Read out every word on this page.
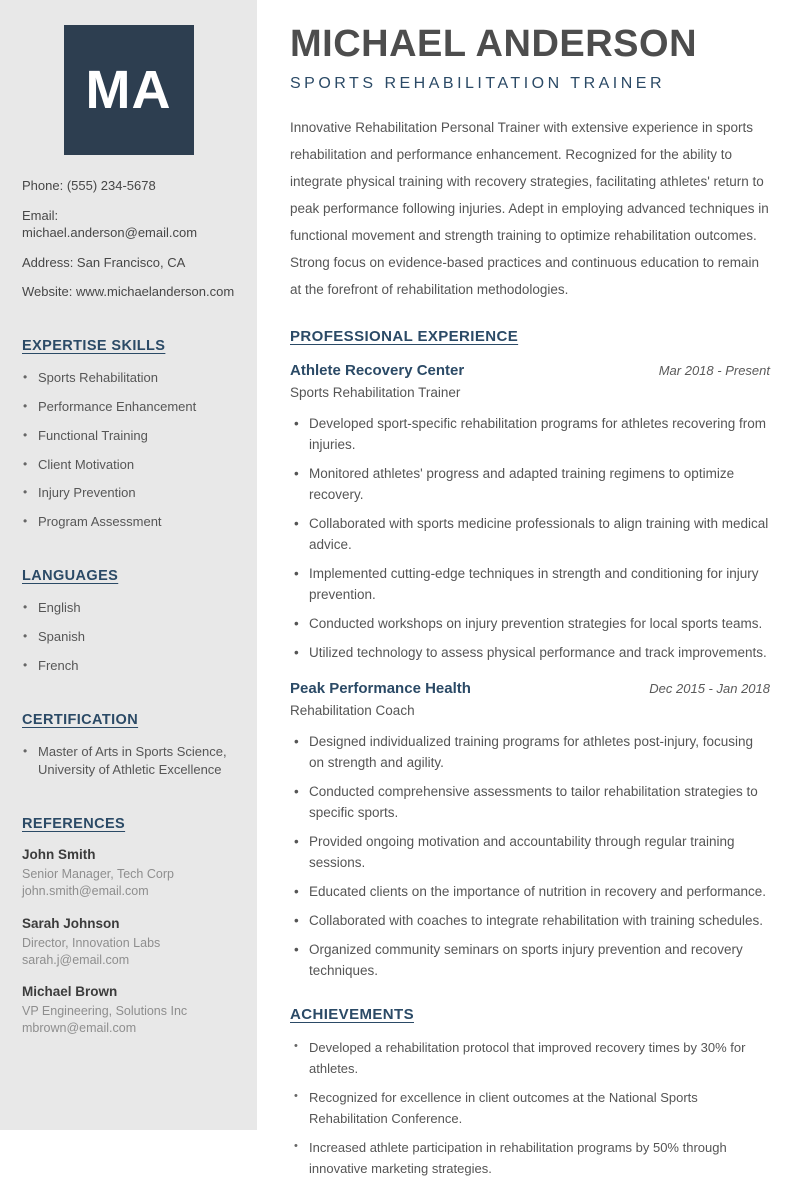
MA
Phone: (555) 234-5678
Email: michael.anderson@email.com
Address: San Francisco, CA
Website: www.michaelanderson.com
EXPERTISE SKILLS
• Sports Rehabilitation
• Performance Enhancement
• Functional Training
• Client Motivation
• Injury Prevention
• Program Assessment
LANGUAGES
• English
• Spanish
• French
CERTIFICATION
• Master of Arts in Sports Science, University of Athletic Excellence
REFERENCES
John Smith
Senior Manager, Tech Corp
john.smith@email.com
Sarah Johnson
Director, Innovation Labs
sarah.j@email.com
Michael Brown
VP Engineering, Solutions Inc
mbrown@email.com
MICHAEL ANDERSON
SPORTS REHABILITATION TRAINER

Innovative Rehabilitation Personal Trainer with extensive experience in sports rehabilitation and performance enhancement. Recognized for the ability to integrate physical training with recovery strategies, facilitating athletes' return to peak performance following injuries. Adept in employing advanced techniques in functional movement and strength training to optimize rehabilitation outcomes. Strong focus on evidence-based practices and continuous education to remain at the forefront of rehabilitation methodologies.

PROFESSIONAL EXPERIENCE
Athlete Recovery Center	Mar 2018 - Present
Sports Rehabilitation Trainer
• Developed sport-specific rehabilitation programs for athletes recovering from injuries.
• Monitored athletes' progress and adapted training regimens to optimize recovery.
• Collaborated with sports medicine professionals to align training with medical advice.
• Implemented cutting-edge techniques in strength and conditioning for injury prevention.
• Conducted workshops on injury prevention strategies for local sports teams.
• Utilized technology to assess physical performance and track improvements.
Peak Performance Health	Dec 2015 - Jan 2018
Rehabilitation Coach
• Designed individualized training programs for athletes post-injury, focusing on strength and agility.
• Conducted comprehensive assessments to tailor rehabilitation strategies to specific sports.
• Provided ongoing motivation and accountability through regular training sessions.
• Educated clients on the importance of nutrition in recovery and performance.
• Collaborated with coaches to integrate rehabilitation with training schedules.
• Organized community seminars on sports injury prevention and recovery techniques.
ACHIEVEMENTS
• Developed a rehabilitation protocol that improved recovery times by 30% for athletes.
• Recognized for excellence in client outcomes at the National Sports Rehabilitation Conference.
• Increased athlete participation in rehabilitation programs by 50% through innovative marketing strategies.
